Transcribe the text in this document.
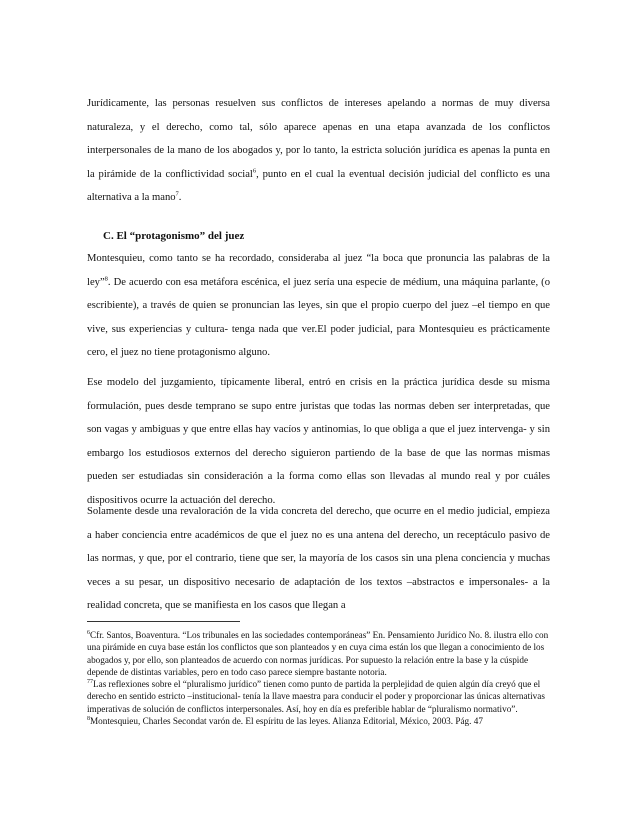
Jurídicamente, las personas resuelven sus conflictos de intereses apelando a normas de muy diversa naturaleza, y el derecho, como tal, sólo aparece apenas en una etapa avanzada de los conflictos interpersonales de la mano de los abogados y, por lo tanto, la estricta solución jurídica es apenas la punta en la pirámide de la conflictividad social$^6$, punto en el cual la eventual decisión judicial del conflicto es una alternativa a la mano$^7$.

C. El “protagonismo” del juez

Montesquieu, como tanto se ha recordado, consideraba al juez “la boca que pronuncia las palabras de la ley”$^8$. De acuerdo con esa metáfora escénica, el juez sería una especie de médium, una máquina parlante, (o escribiente), a través de quien se pronuncian las leyes, sin que el propio cuerpo del juez –el tiempo en que vive, sus experiencias y cultura- tenga nada que ver.El poder judicial, para Montesquieu es prácticamente cero, el juez no tiene protagonismo alguno.

Ese modelo del juzgamiento, típicamente liberal, entró en crisis en la práctica jurídica desde su misma formulación, pues desde temprano se supo entre juristas que todas las normas deben ser interpretadas, que son vagas y ambiguas y que entre ellas hay vacíos y antinomias, lo que obliga a que el juez intervenga- y sin embargo los estudiosos externos del derecho siguieron partiendo de la base de que las normas mismas pueden ser estudiadas sin consideración a la forma como ellas son llevadas al mundo real y por cuáles dispositivos ocurre la actuación del derecho.

Solamente desde una revaloración de la vida concreta del derecho, que ocurre en el medio judicial, empieza a haber conciencia entre académicos de que el juez no es una antena del derecho, un receptáculo pasivo de las normas, y que, por el contrario, tiene que ser, la mayoría de los casos sin una plena conciencia y muchas veces a su pesar, un dispositivo necesario de adaptación de los textos –abstractos e impersonales- a la realidad concreta, que se manifiesta en los casos que llegan a

$^6$Cfr. Santos, Boaventura. “Los tribunales en las sociedades contemporáneas” En. Pensamiento Jurídico No. 8. ilustra ello con una pirámide en cuya base están los conflictos que son planteados y en cuya cima están los que llegan a conocimiento de los abogados y, por ello, son planteados de acuerdo con normas jurídicas. Por supuesto la relación entre la base y la cúspide depende de distintas variables, pero en todo caso parece siempre bastante notoria.

$^{77}$Las reflexiones sobre el “pluralismo jurídico” tienen como punto de partida la perplejidad de quien algún día creyó que el derecho en sentido estricto –institucional- tenía la llave maestra para conducir el poder y proporcionar las únicas alternativas imperativas de solución de conflictos interpersonales. Así, hoy en día es preferible hablar de “pluralismo normativo”.

$^8$Montesquieu, Charles Secondat varón de. El espíritu de las leyes. Alianza Editorial, México, 2003. Pág. 47
